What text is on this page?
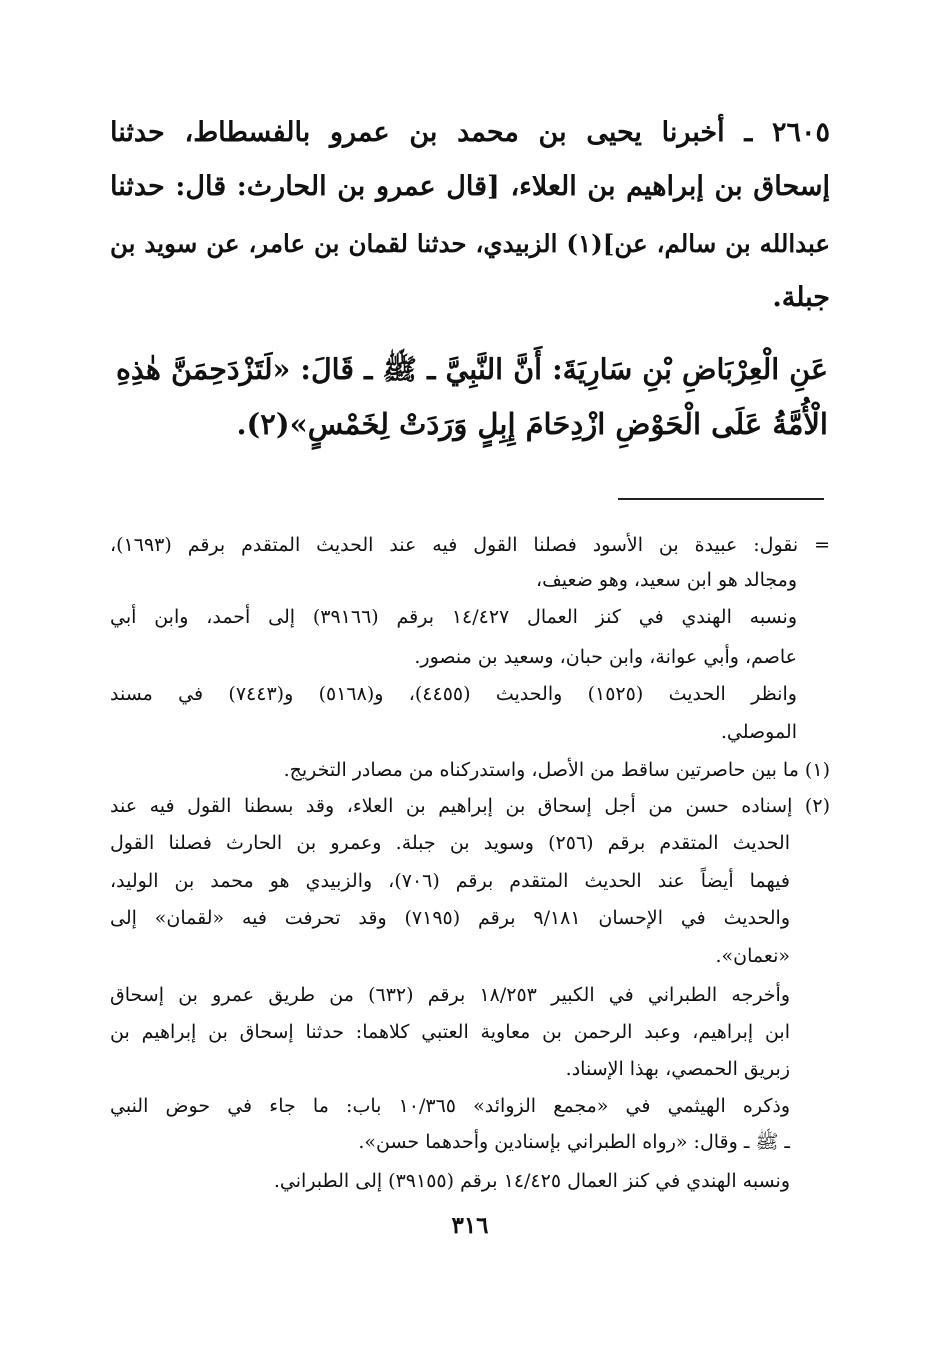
٢٦٠٥ ـ أخبرنا يحيى بن محمد بن عمرو بالفسطاط، حدثنا
إسحاق بن إبراهيم بن العلاء، [قال عمرو بن الحارث: قال: حدثنا
عبدالله بن سالم، عن](١) الزبيدي، حدثنا لقمان بن عامر، عن سويد بن
جبلة.
عَنِ الْعِرْبَاضِ بْنِ سَارِيَةَ: أَنَّ النَّبِيَّ ـ ﷺ ـ قَالَ: «لَتَزْدَحِمَنَّ هٰذِهِ
الْأُمَّةُ عَلَى الْحَوْضِ ازْدِحَامَ إِبِلٍ وَرَدَتْ لِخَمْسٍ»(٢).
= نقول: عبيدة بن الأسود فصلنا القول فيه عند الحديث المتقدم برقم (١٦٩٣)،
ومجالد هو ابن سعيد، وهو ضعيف،
ونسبه الهندي في كنز العمال ١٤/٤٢٧ برقم (٣٩١٦٦) إلى أحمد، وابن أبي
عاصم، وأبي عوانة، وابن حبان، وسعيد بن منصور.
وانظر الحديث (١٥٢٥) والحديث (٤٤٥٥)، و(٥١٦٨) و(٧٤٤٣) في مسند
الموصلي.
(١) ما بين حاصرتين ساقط من الأصل، واستدركناه من مصادر التخريج.
(٢) إسناده حسن من أجل إسحاق بن إبراهيم بن العلاء، وقد بسطنا القول فيه عند
الحديث المتقدم برقم (٢٥٦) وسويد بن جبلة. وعمرو بن الحارث فصلنا القول
فيهما أيضاً عند الحديث المتقدم برقم (٧٠٦)، والزبيدي هو محمد بن الوليد،
والحديث في الإحسان ٩/١٨١ برقم (٧١٩٥) وقد تحرفت فيه «لقمان» إلى
«نعمان».
وأخرجه الطبراني في الكبير ١٨/٢٥٣ برقم (٦٣٢) من طريق عمرو بن إسحاق
ابن إبراهيم، وعبد الرحمن بن معاوية العتبي كلاهما: حدثنا إسحاق بن إبراهيم بن
زبريق الحمصي، بهذا الإسناد.
وذكره الهيثمي في «مجمع الزوائد» ١٠/٣٦٥ باب: ما جاء في حوض النبي
ـ ﷺ ـ وقال: «رواه الطبراني بإسنادين وأحدهما حسن».
ونسبه الهندي في كنز العمال ١٤/٤٢٥ برقم (٣٩١٥٥) إلى الطبراني.
٣١٦
